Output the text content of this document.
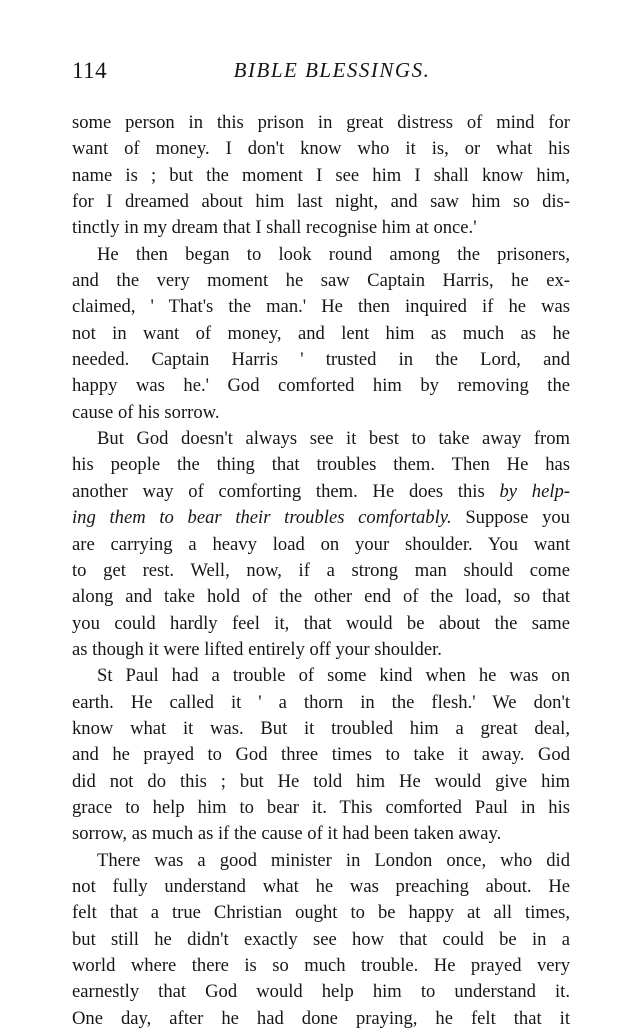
114	BIBLE BLESSINGS.
some person in this prison in great distress of mind for
want of money. I don't know who it is, or what his
name is ; but the moment I see him I shall know him,
for I dreamed about him last night, and saw him so dis-
tinctly in my dream that I shall recognise him at once.'
He then began to look round among the prisoners,
and the very moment he saw Captain Harris, he ex-
claimed, ' That's the man.' He then inquired if he was
not in want of money, and lent him as much as he
needed. Captain Harris ' trusted in the Lord, and
happy was he.' God comforted him by removing the
cause of his sorrow.
But God doesn't always see it best to take away from
his people the thing that troubles them. Then He has
another way of comforting them. He does this by help-
ing them to bear their troubles comfortably. Suppose you
are carrying a heavy load on your shoulder. You want
to get rest. Well, now, if a strong man should come
along and take hold of the other end of the load, so that
you could hardly feel it, that would be about the same
as though it were lifted entirely off your shoulder.
St Paul had a trouble of some kind when he was on
earth. He called it ' a thorn in the flesh.' We don't
know what it was. But it troubled him a great deal,
and he prayed to God three times to take it away. God
did not do this ; but He told him He would give him
grace to help him to bear it. This comforted Paul in his
sorrow, as much as if the cause of it had been taken away.
There was a good minister in London once, who did
not fully understand what he was preaching about. He
felt that a true Christian ought to be happy at all times,
but still he didn't exactly see how that could be in a
world where there is so much trouble. He prayed very
earnestly that God would help him to understand it.
One day, after he had done praying, he felt that it
